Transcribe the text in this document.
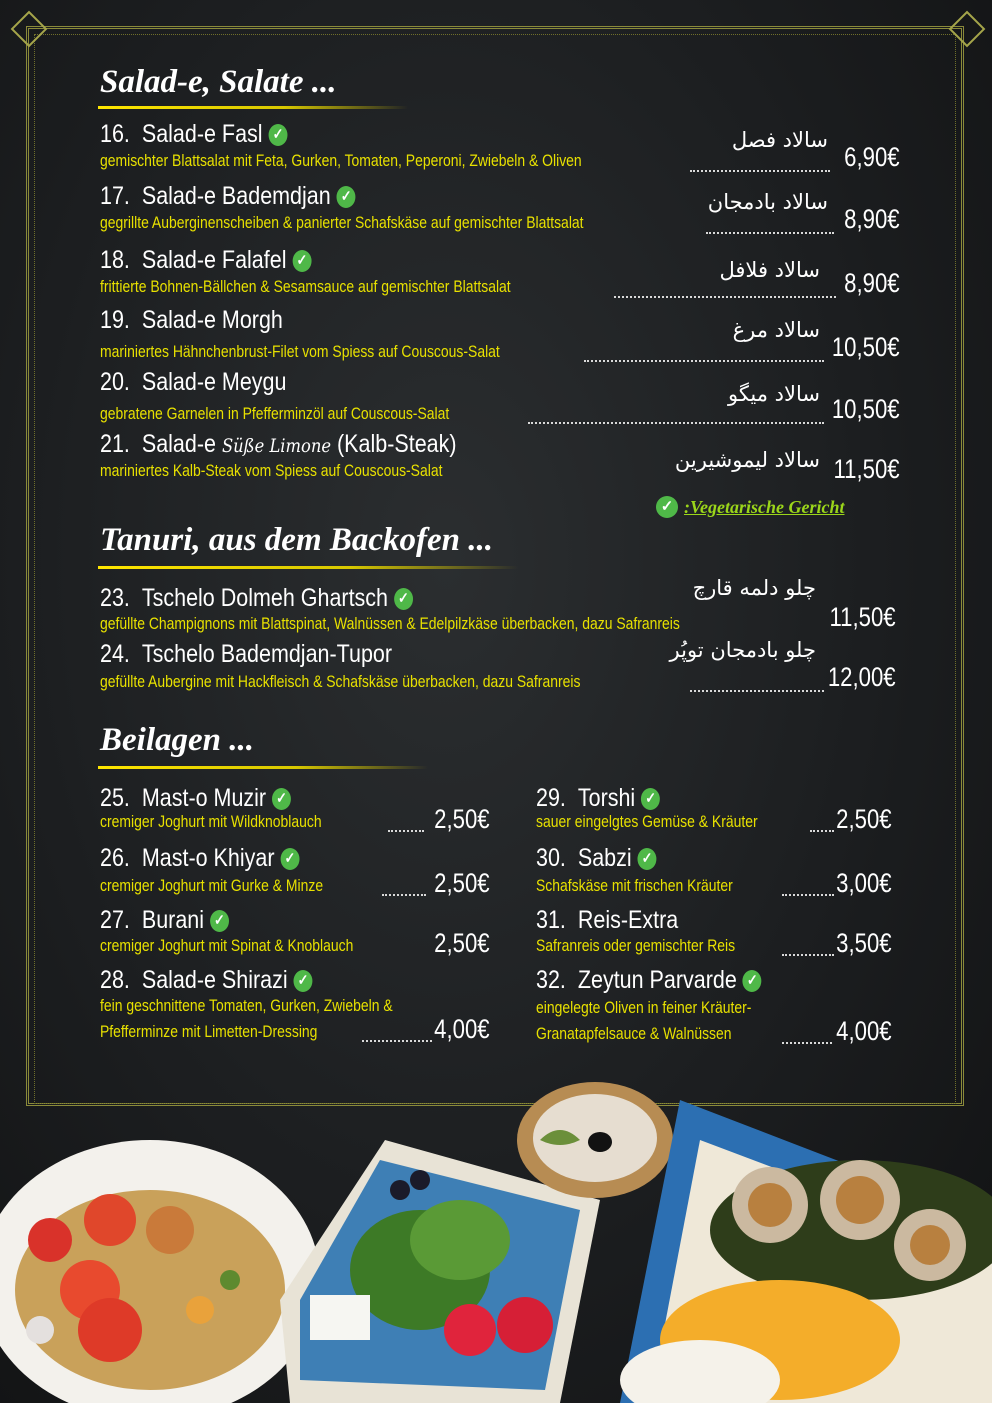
Salad-e, Salate ...
16. Salad-e Fasl ✓
gemischter Blattsalat mit Feta, Gurken, Tomaten, Peperoni, Zwiebeln & Oliven
سالاد فصل
6,90€
17. Salad-e Bademdjan ✓
gegrillte Auberginenscheiben & panierter Schafskäse auf gemischter Blattsalat
سالاد بادمجان
8,90€
18. Salad-e Falafel ✓
frittierte Bohnen-Bällchen & Sesamsauce auf gemischter Blattsalat
سالاد فلافل 8,90€
19. Salad-e Morgh
mariniertes Hähnchenbrust-Filet vom Spiess auf Couscous-Salat
سالاد مرغ
10,50€
20. Salad-e Meygu
gebratene Garnelen in Pfefferminzöl auf Couscous-Salat
سالاد میگو 10,50€
21. Salad-e Süße Limone (Kalb-Steak)
mariniertes Kalb-Steak vom Spiess auf Couscous-Salat	سالاد لیموشیرین 11,50€
✓ :Vegetarische Gericht
Tanuri, aus dem Backofen ...
23. Tschelo Dolmeh Ghartsch ✓
gefüllte Champignons mit Blattspinat, Walnüssen & Edelpilzkäse überbacken, dazu Safranreis
چلو دلمه قارچ
11,50€
24. Tschelo Bademdjan-Tupor
gefüllte Aubergine mit Hackfleisch & Schafskäse überbacken, dazu Safranreis
چلو بادمجان توپُر
12,00€
Beilagen ...
25. Mast-o Muzir ✓
cremiger Joghurt mit Wildknoblauch	2,50€
26. Mast-o Khiyar ✓
cremiger Joghurt mit Gurke & Minze	2,50€
27. Burani ✓
cremiger Joghurt mit Spinat & Knoblauch	2,50€
28. Salad-e Shirazi ✓
fein geschnittene Tomaten, Gurken, Zwiebeln &
Pfefferminze mit Limetten-Dressing	4,00€
29. Torshi ✓
sauer eingelgtes Gemüse & Kräuter	2,50€
30. Sabzi ✓
Schafskäse mit frischen Kräuter	3,00€
31. Reis-Extra
Safranreis oder gemischter Reis	3,50€
32. Zeytun Parvarde ✓
eingelegte Oliven in feiner Kräuter-
Granatapfelsauce & Walnüssen	4,00€
